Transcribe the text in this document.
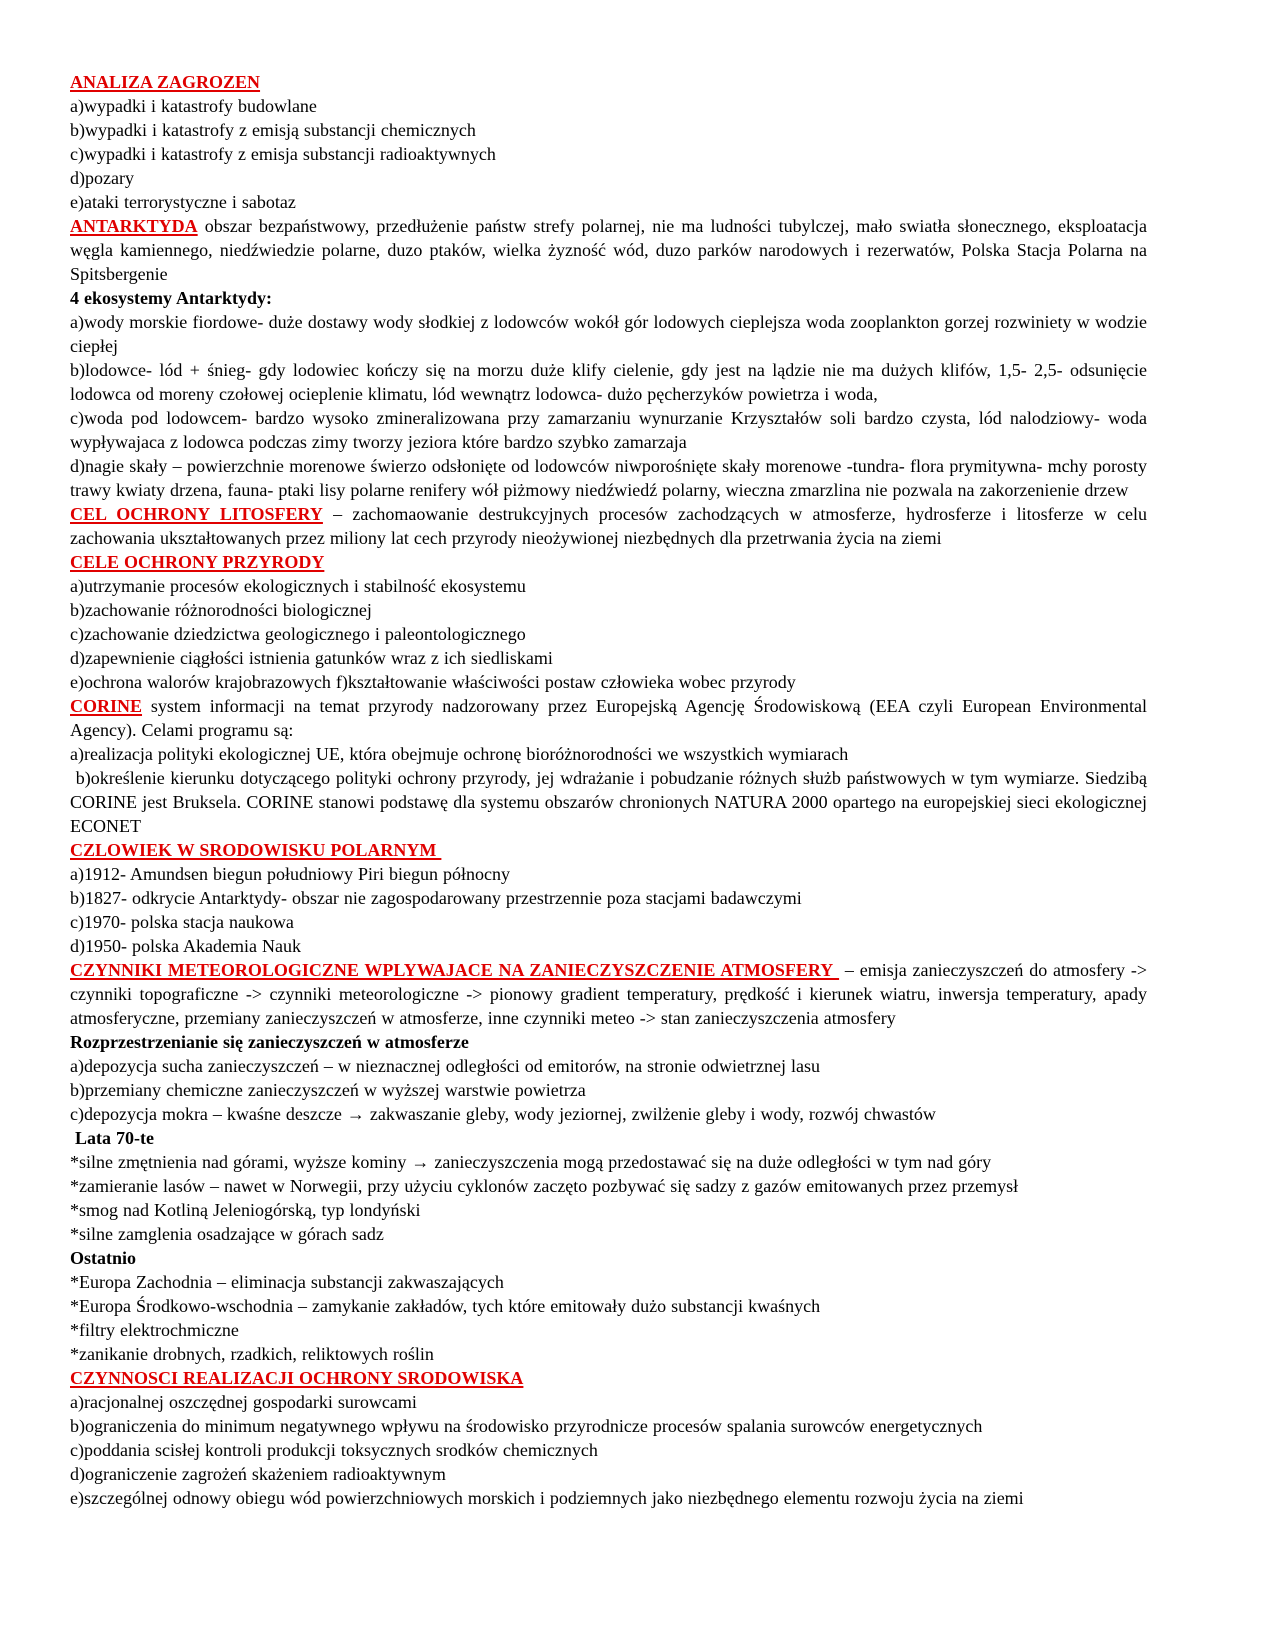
ANALIZA ZAGROZEN
a)wypadki i katastrofy budowlane
b)wypadki i katastrofy z emisją substancji chemicznych
c)wypadki i katastrofy z emisja substancji radioaktywnych
d)pozary
e)ataki terrorystyczne i sabotaz
ANTARKTYDA obszar bezpaństwowy, przedłużenie państw strefy polarnej, nie ma ludności tubylczej, mało swiatła słonecznego, eksploatacja węgla kamiennego, niedźwiedzie polarne, duzo ptaków, wielka żyzność wód, duzo parków narodowych i rezerwatów, Polska Stacja Polarna na Spitsbergenie
4 ekosystemy Antarktydy:
a)wody morskie fiordowe- duże dostawy wody słodkiej z lodowców wokół gór lodowych cieplejsza woda zooplankton gorzej rozwiniety w wodzie ciepłej
b)lodowce- lód + śnieg- gdy lodowiec kończy się na morzu duże klify cielenie, gdy jest na lądzie nie ma dużych klifów, 1,5- 2,5- odsunięcie lodowca od moreny czołowej ocieplenie klimatu, lód wewnątrz lodowca- dużo pęcherzyków powietrza i woda,
c)woda pod lodowcem- bardzo wysoko zmineralizowana przy zamarzaniu wynurzanie Krzyształów soli bardzo czysta, lód nalodziowy- woda wypływajaca z lodowca podczas zimy tworzy jeziora które bardzo szybko zamarzaja
d)nagie skały – powierzchnie morenowe świerzo odsłonięte od lodowców niwporośnięte skały morenowe -tundra- flora prymitywna- mchy porosty trawy kwiaty drzena, fauna- ptaki lisy polarne renifery wół piżmowy niedźwiedź polarny, wieczna zmarzlina nie pozwala na zakorzenienie drzew
CEL OCHRONY LITOSFERY – zachomaowanie destrukcyjnych procesów zachodzących w atmosferze, hydrosferze i litosferze w celu zachowania ukształtowanych przez miliony lat cech przyrody nieożywionej niezbędnych dla przetrwania życia na ziemi
CELE OCHRONY PRZYRODY
a)utrzymanie procesów ekologicznych i stabilność ekosystemu
b)zachowanie różnorodności biologicznej
c)zachowanie dziedzictwa geologicznego i paleontologicznego
d)zapewnienie ciągłości istnienia gatunków wraz z ich siedliskami
e)ochrona walorów krajobrazowych f)kształtowanie właściwości postaw człowieka wobec przyrody
CORINE system informacji na temat przyrody nadzorowany przez Europejską Agencję Środowiskową (EEA czyli European Environmental Agency). Celami programu są:
a)realizacja polityki ekologicznej UE, która obejmuje ochronę bioróżnorodności we wszystkich wymiarach
b)określenie kierunku dotyczącego polityki ochrony przyrody, jej wdrażanie i pobudzanie różnych służb państwowych w tym wymiarze. Siedzibą CORINE jest Bruksela. CORINE stanowi podstawę dla systemu obszarów chronionych NATURA 2000 opartego na europejskiej sieci ekologicznej ECONET
CZLOWIEK W SRODOWISKU POLARNYM
a)1912- Amundsen biegun południowy Piri biegun północny
b)1827- odkrycie Antarktydy- obszar nie zagospodarowany przestrzennie poza stacjami badawczymi
c)1970- polska stacja naukowa
d)1950- polska Akademia Nauk
CZYNNIKI METEOROLOGICZNE WPLYWAJACE NA ZANIECZYSZCZENIE ATMOSFERY  – emisja zanieczyszczeń do atmosfery -> czynniki topograficzne -> czynniki meteorologiczne -> pionowy gradient temperatury, prędkość i kierunek wiatru, inwersja temperatury, apady atmosferyczne, przemiany zanieczyszczeń w atmosferze, inne czynniki meteo -> stan zanieczyszczenia atmosfery
Rozprzestrzenianie się zanieczyszczeń w atmosferze
a)depozycja sucha zanieczyszczeń – w nieznacznej odległości od emitorów, na stronie odwietrznej lasu
b)przemiany chemiczne zanieczyszczeń w wyższej warstwie powietrza
c)depozycja mokra – kwaśne deszcze → zakwaszanie gleby, wody jeziornej, zwilżenie gleby i wody, rozwój chwastów
Lata 70-te
*silne zmętnienia nad górami, wyższe kominy → zanieczyszczenia mogą przedostawać się na duże odległości w tym nad góry
*zamieranie lasów – nawet w Norwegii, przy użyciu cyklonów zaczęto pozbywać się sadzy z gazów emitowanych przez przemysł
*smog nad Kotliną Jeleniogórską, typ londyński
*silne zamglenia osadzające w górach sadz
Ostatnio
*Europa Zachodnia – eliminacja substancji zakwaszających
*Europa Środkowo-wschodnia – zamykanie zakładów, tych które emitowały dużo substancji kwaśnych
*filtry elektrochmiczne
*zanikanie drobnych, rzadkich, reliktowych roślin
CZYNNOSCI REALIZACJI OCHRONY SRODOWISKA
a)racjonalnej oszczędnej gospodarki surowcami
b)ograniczenia do minimum negatywnego wpływu na środowisko przyrodnicze procesów spalania surowców energetycznych
c)poddania scisłej kontroli produkcji toksycznych srodków chemicznych
d)ograniczenie zagrożeń skażeniem radioaktywnym
e)szczególnej odnowy obiegu wód powierzchniowych morskich i podziemnych jako niezbędnego elementu rozwoju życia na ziemi
